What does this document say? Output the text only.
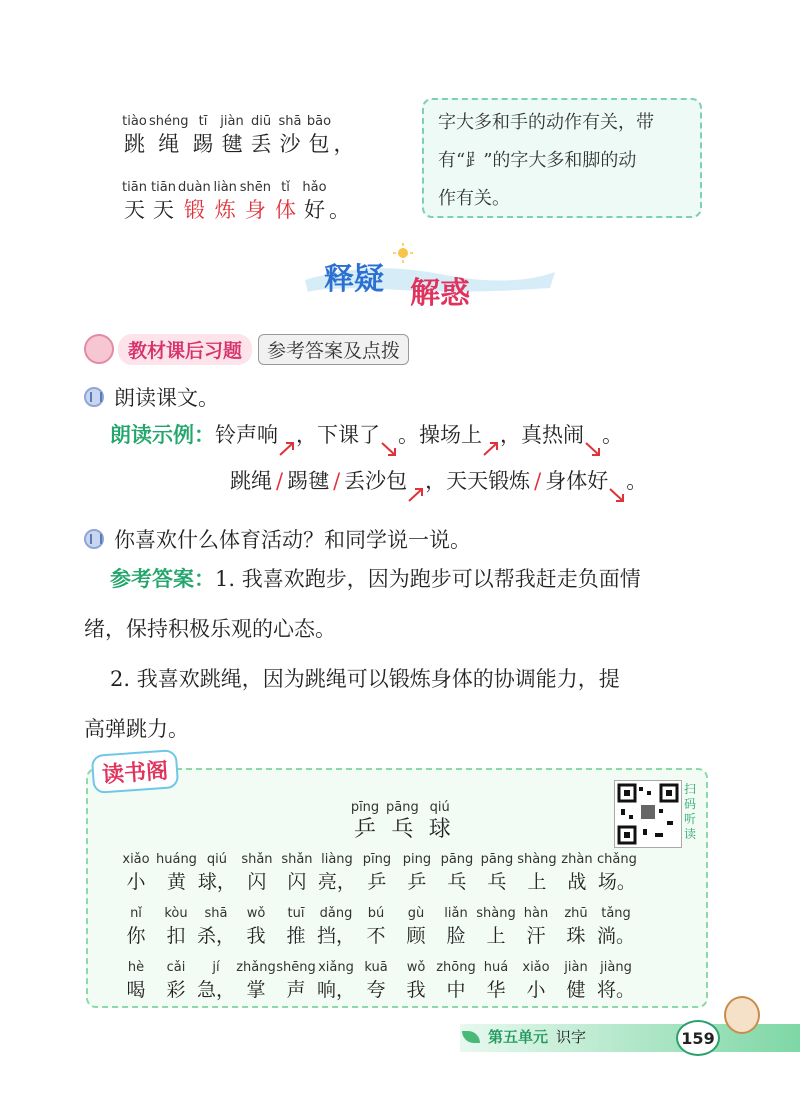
tiào
跳
shéng
绳
tī
踢
jiàn
毽
diū
丢
shā
沙
bāo
包 ，
tiān
天
tiān
天
duàn
锻
liàn
炼
shēn
身
tǐ
体
hǎo
好 。
字大多和手的动作有关，带
有“⻊”的字大多和脚的动
作有关。
释疑 解惑
教材课后习题	参考答案及点拨
朗读课文。
朗读示例：铃声响 ，下课了 。操场上 ，真热闹 。
跳绳 / 踢毽 / 丢沙包 ，天天锻炼 / 身体好 。
你喜欢什么体育活动？和同学说一说。
参考答案：1. 我喜欢跑步，因为跑步可以帮我赶走负面情
绪，保持积极乐观的心态。
2. 我喜欢跳绳，因为跳绳可以锻炼身体的协调能力，提
高弹跳力。
读书阁
pīng
乒
pāng
乓
qiú
球
扫码听读
xiǎo
小
huáng
黄
qiú
球，
shǎn
闪
shǎn
闪
liàng
亮，
pīng
乒
ping
乒
pāng
乓
pāng
乓
shàng
上
zhàn
战
chǎng
场。
nǐ
你
kòu
扣
shā
杀，
wǒ
我
tuī
推
dǎng
挡，
bú
不
gù
顾
liǎn
脸
shàng
上
hàn
汗
zhū
珠
tǎng
淌。
hè
喝
cǎi
彩
jí
急，
zhǎng
掌
shēng
声
xiǎng
响，
kuā
夸
wǒ
我
zhōng
中
huá
华
xiǎo
小
jiàn
健
jiàng
将。
第五单元 识字	159
